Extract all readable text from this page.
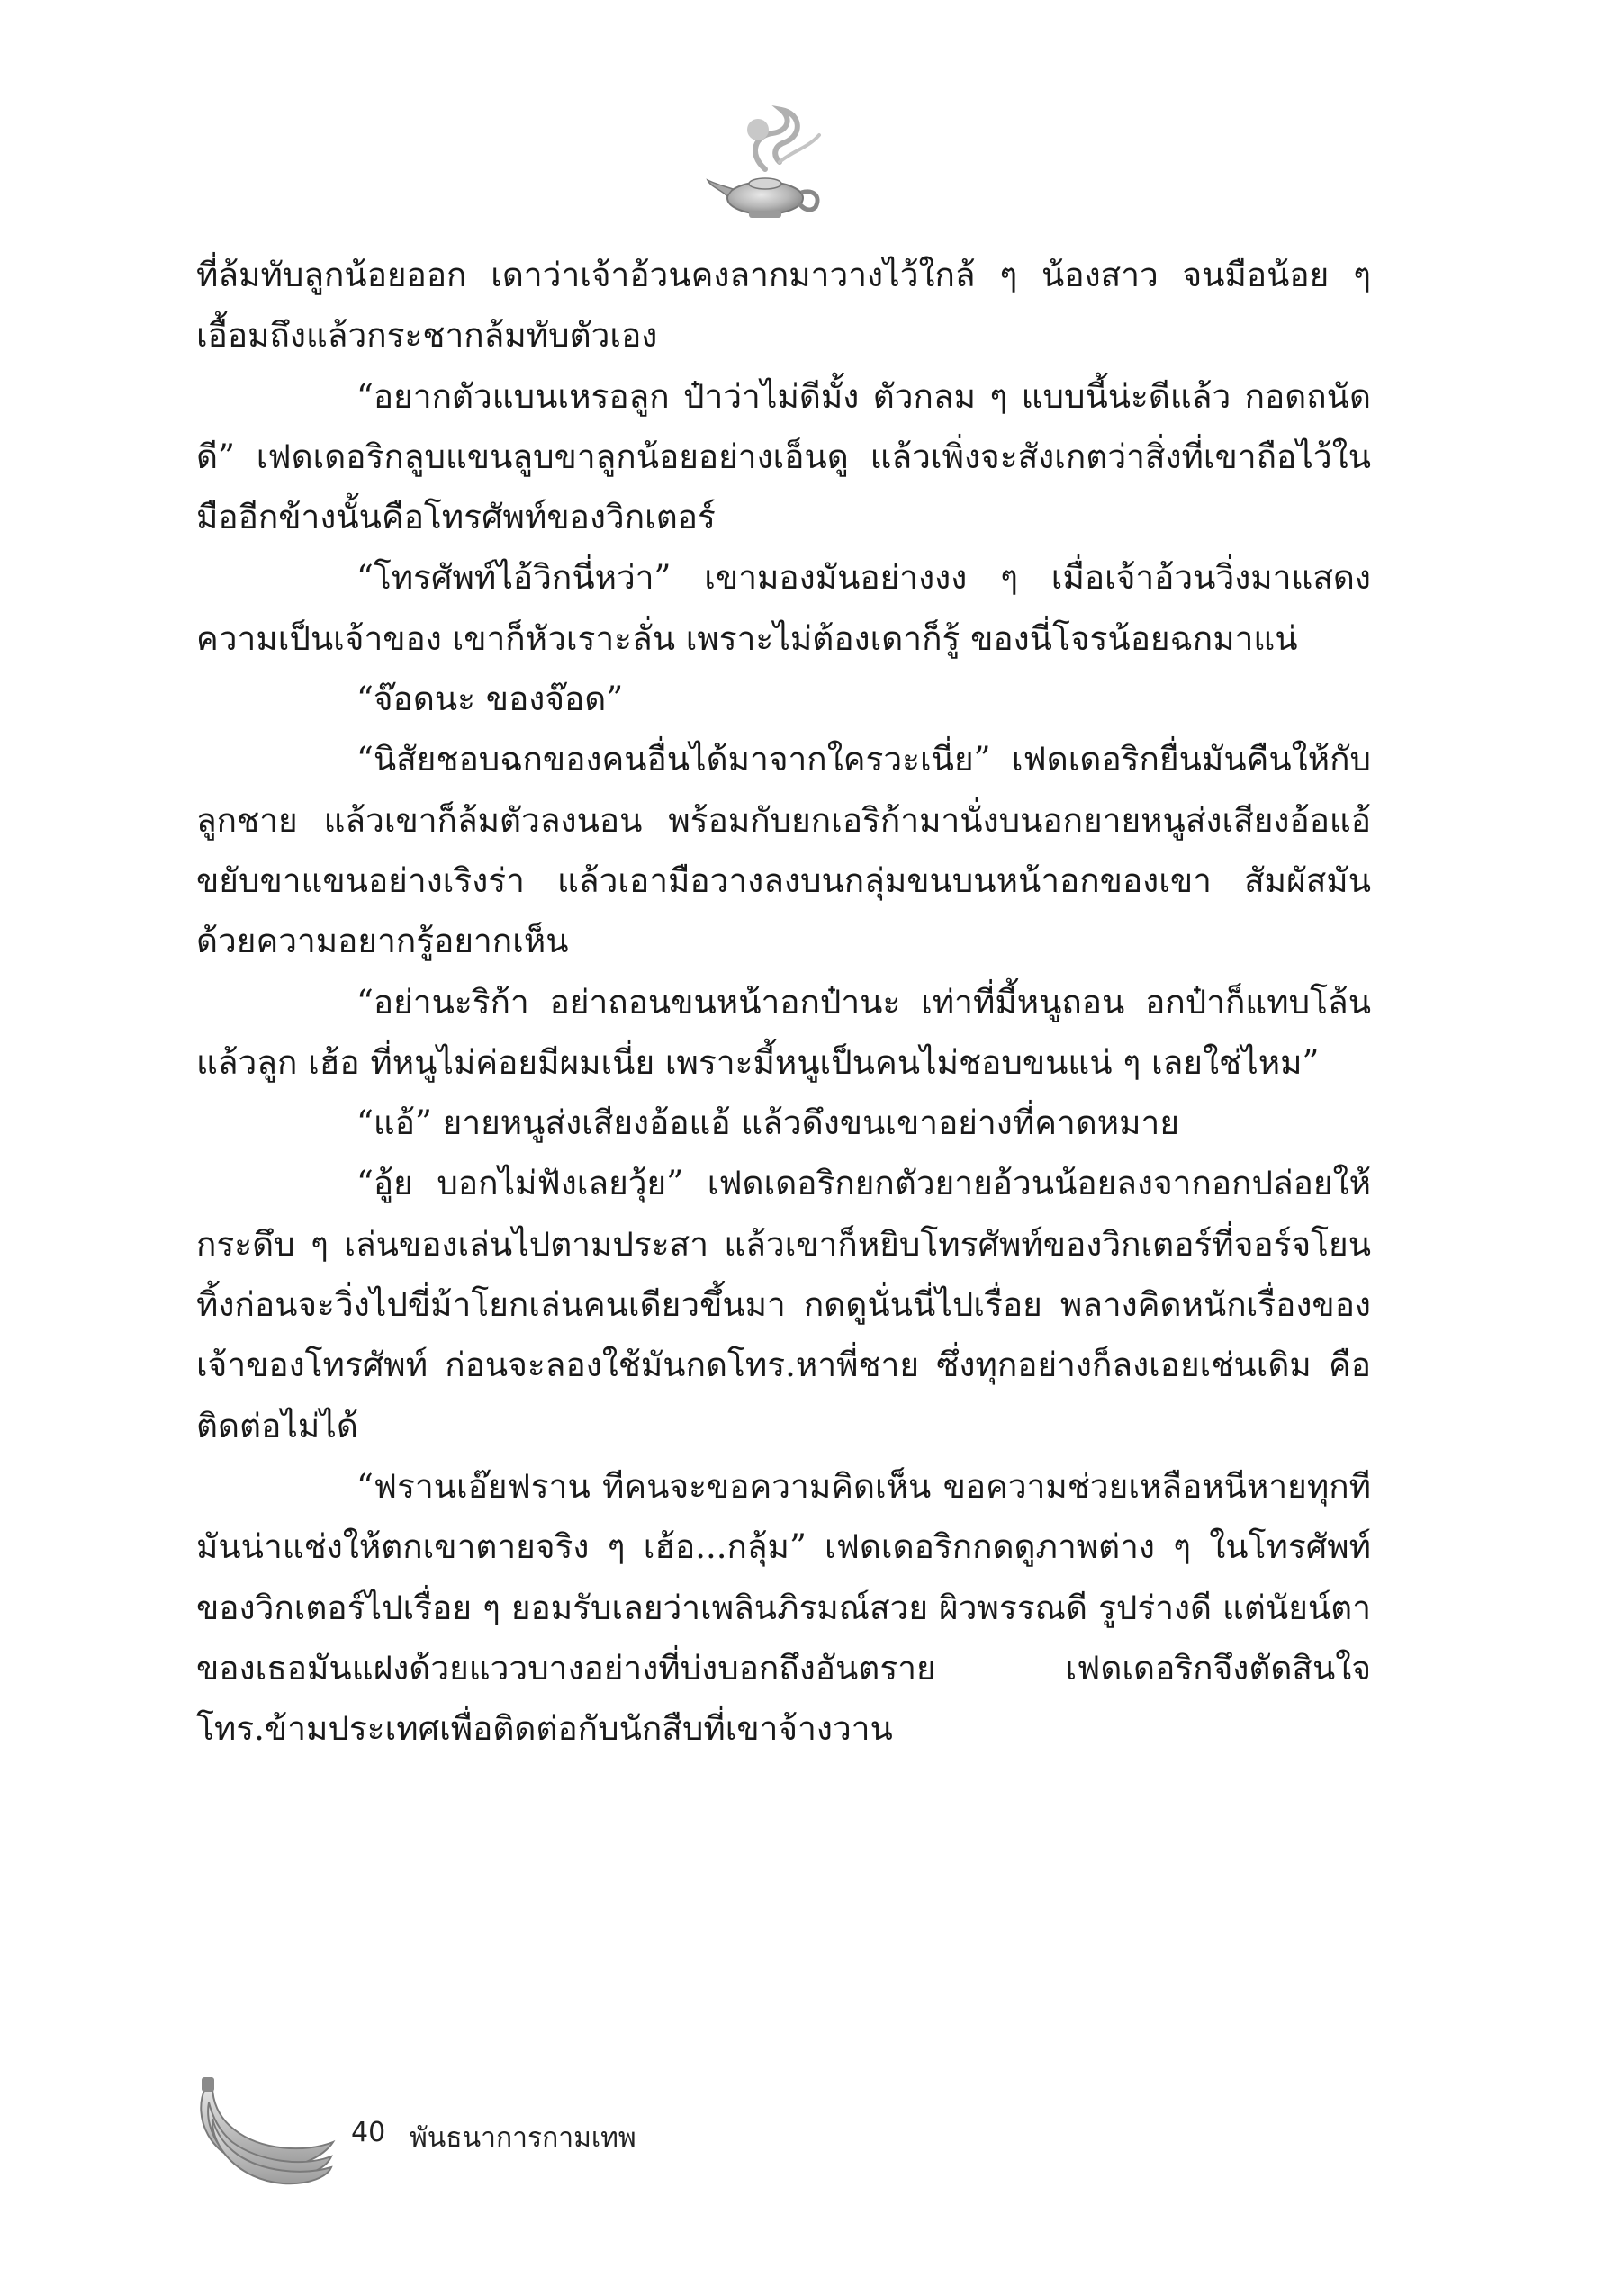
ที่ล้มทับลูกน้อยออก เดาว่าเจ้าอ้วนคงลากมาวางไว้ใกล้ ๆ น้องสาว จนมือน้อย ๆ เอื้อมถึงแล้วกระชากล้มทับตัวเอง

“อยากตัวแบนเหรอลูก ป๋าว่าไม่ดีมั้ง ตัวกลม ๆ แบบนี้น่ะดีแล้ว กอดถนัดดี” เฟดเดอริกลูบแขนลูบขาลูกน้อยอย่างเอ็นดู แล้วเพิ่งจะสังเกตว่าสิ่งที่เขาถือไว้ในมืออีกข้างนั้นคือโทรศัพท์ของวิกเตอร์

“โทรศัพท์ไอ้วิกนี่หว่า” เขามองมันอย่างงง ๆ เมื่อเจ้าอ้วนวิ่งมาแสดงความเป็นเจ้าของ เขาก็หัวเราะลั่น เพราะไม่ต้องเดาก็รู้ ของนี่โจรน้อยฉกมาแน่

“จ๊อดนะ ของจ๊อด”

“นิสัยชอบฉกของคนอื่นได้มาจากใครวะเนี่ย” เฟดเดอริกยื่นมันคืนให้กับลูกชาย แล้วเขาก็ล้มตัวลงนอน พร้อมกับยกเอริก้ามานั่งบนอกยายหนูส่งเสียงอ้อแอ้ ขยับขาแขนอย่างเริงร่า แล้วเอามือวางลงบนกลุ่มขนบนหน้าอกของเขา สัมผัสมันด้วยความอยากรู้อยากเห็น

“อย่านะริก้า อย่าถอนขนหน้าอกป๋านะ เท่าที่มี้หนูถอน อกป๋าก็แทบโล้นแล้วลูก เฮ้อ ที่หนูไม่ค่อยมีผมเนี่ย เพราะมี้หนูเป็นคนไม่ชอบขนแน่ ๆ เลยใช่ไหม”

“แอ้” ยายหนูส่งเสียงอ้อแอ้ แล้วดึงขนเขาอย่างที่คาดหมาย

“อู้ย บอกไม่ฟังเลยวุ้ย” เฟดเดอริกยกตัวยายอ้วนน้อยลงจากอกปล่อยให้กระดึบ ๆ เล่นของเล่นไปตามประสา แล้วเขาก็หยิบโทรศัพท์ของวิกเตอร์ที่จอร์จโยนทิ้งก่อนจะวิ่งไปขี่ม้าโยกเล่นคนเดียวขึ้นมา กดดูนั่นนี่ไปเรื่อย พลางคิดหนักเรื่องของเจ้าของโทรศัพท์ ก่อนจะลองใช้มันกดโทร.หาพี่ชาย ซึ่งทุกอย่างก็ลงเอยเช่นเดิม คือติดต่อไม่ได้

“ฟรานเอ๊ยฟราน ทีคนจะขอความคิดเห็น ขอความช่วยเหลือหนีหายทุกที มันน่าแช่งให้ตกเขาตายจริง ๆ เฮ้อ...กลุ้ม” เฟดเดอริกกดดูภาพต่าง ๆ ในโทรศัพท์ของวิกเตอร์ไปเรื่อย ๆ ยอมรับเลยว่าเพลินภิรมณ์สวย ผิวพรรณดี รูปร่างดี แต่นัยน์ตาของเธอมันแฝงด้วยแววบางอย่างที่บ่งบอกถึงอันตราย เฟดเดอริกจึงตัดสินใจโทร.ข้ามประเทศเพื่อติดต่อกับนักสืบที่เขาจ้างวาน

40 พันธนาการกามเทพ
